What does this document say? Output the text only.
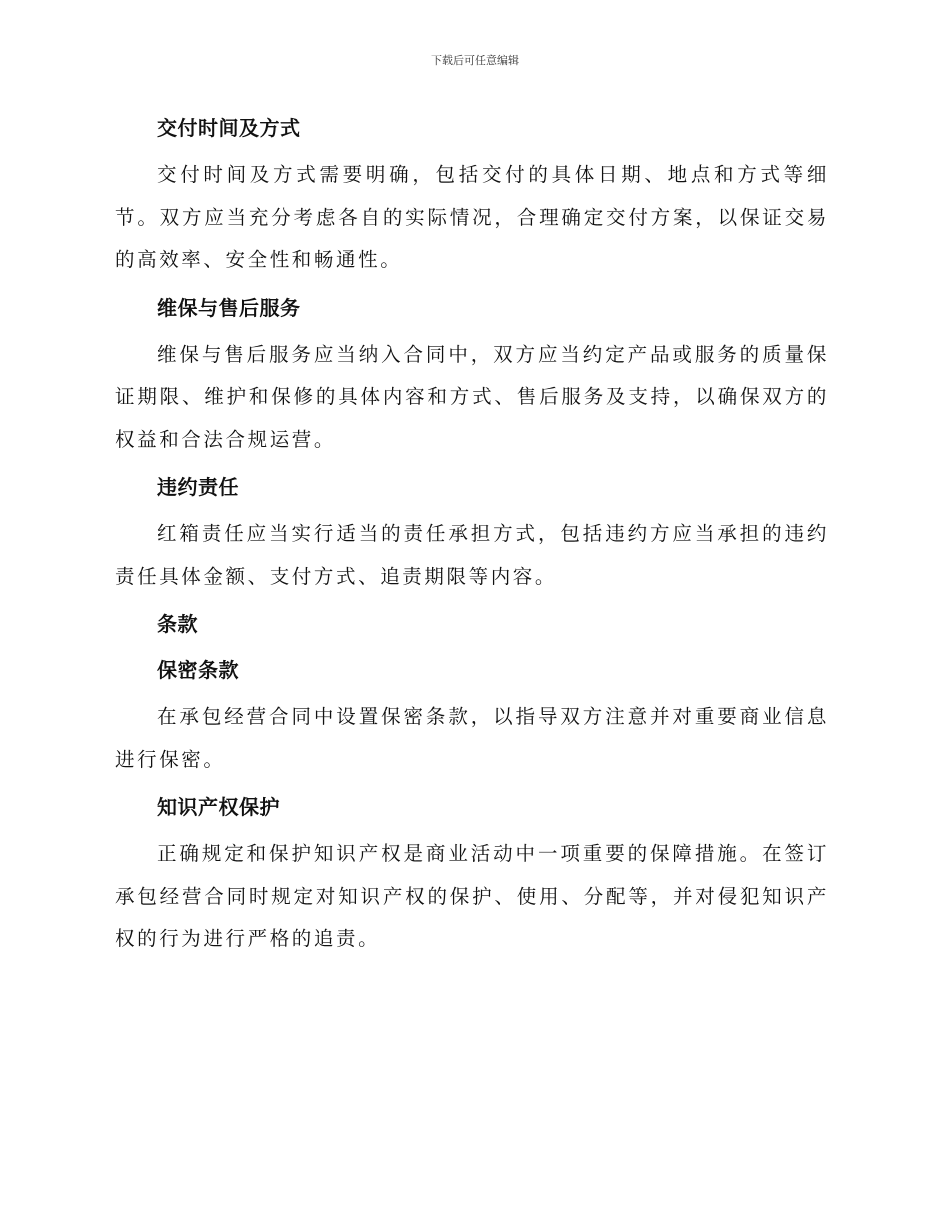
下载后可任意编辑
交付时间及方式

交付时间及方式需要明确，包括交付的具体日期、地点和方式等细节。双方应当充分考虑各自的实际情况，合理确定交付方案，以保证交易的高效率、安全性和畅通性。

维保与售后服务

维保与售后服务应当纳入合同中，双方应当约定产品或服务的质量保证期限、维护和保修的具体内容和方式、售后服务及支持，以确保双方的权益和合法合规运营。

违约责任

红箱责任应当实行适当的责任承担方式，包括违约方应当承担的违约责任具体金额、支付方式、追责期限等内容。

条款
保密条款

在承包经营合同中设置保密条款，以指导双方注意并对重要商业信息进行保密。

知识产权保护

正确规定和保护知识产权是商业活动中一项重要的保障措施。在签订承包经营合同时规定对知识产权的保护、使用、分配等，并对侵犯知识产权的行为进行严格的追责。
